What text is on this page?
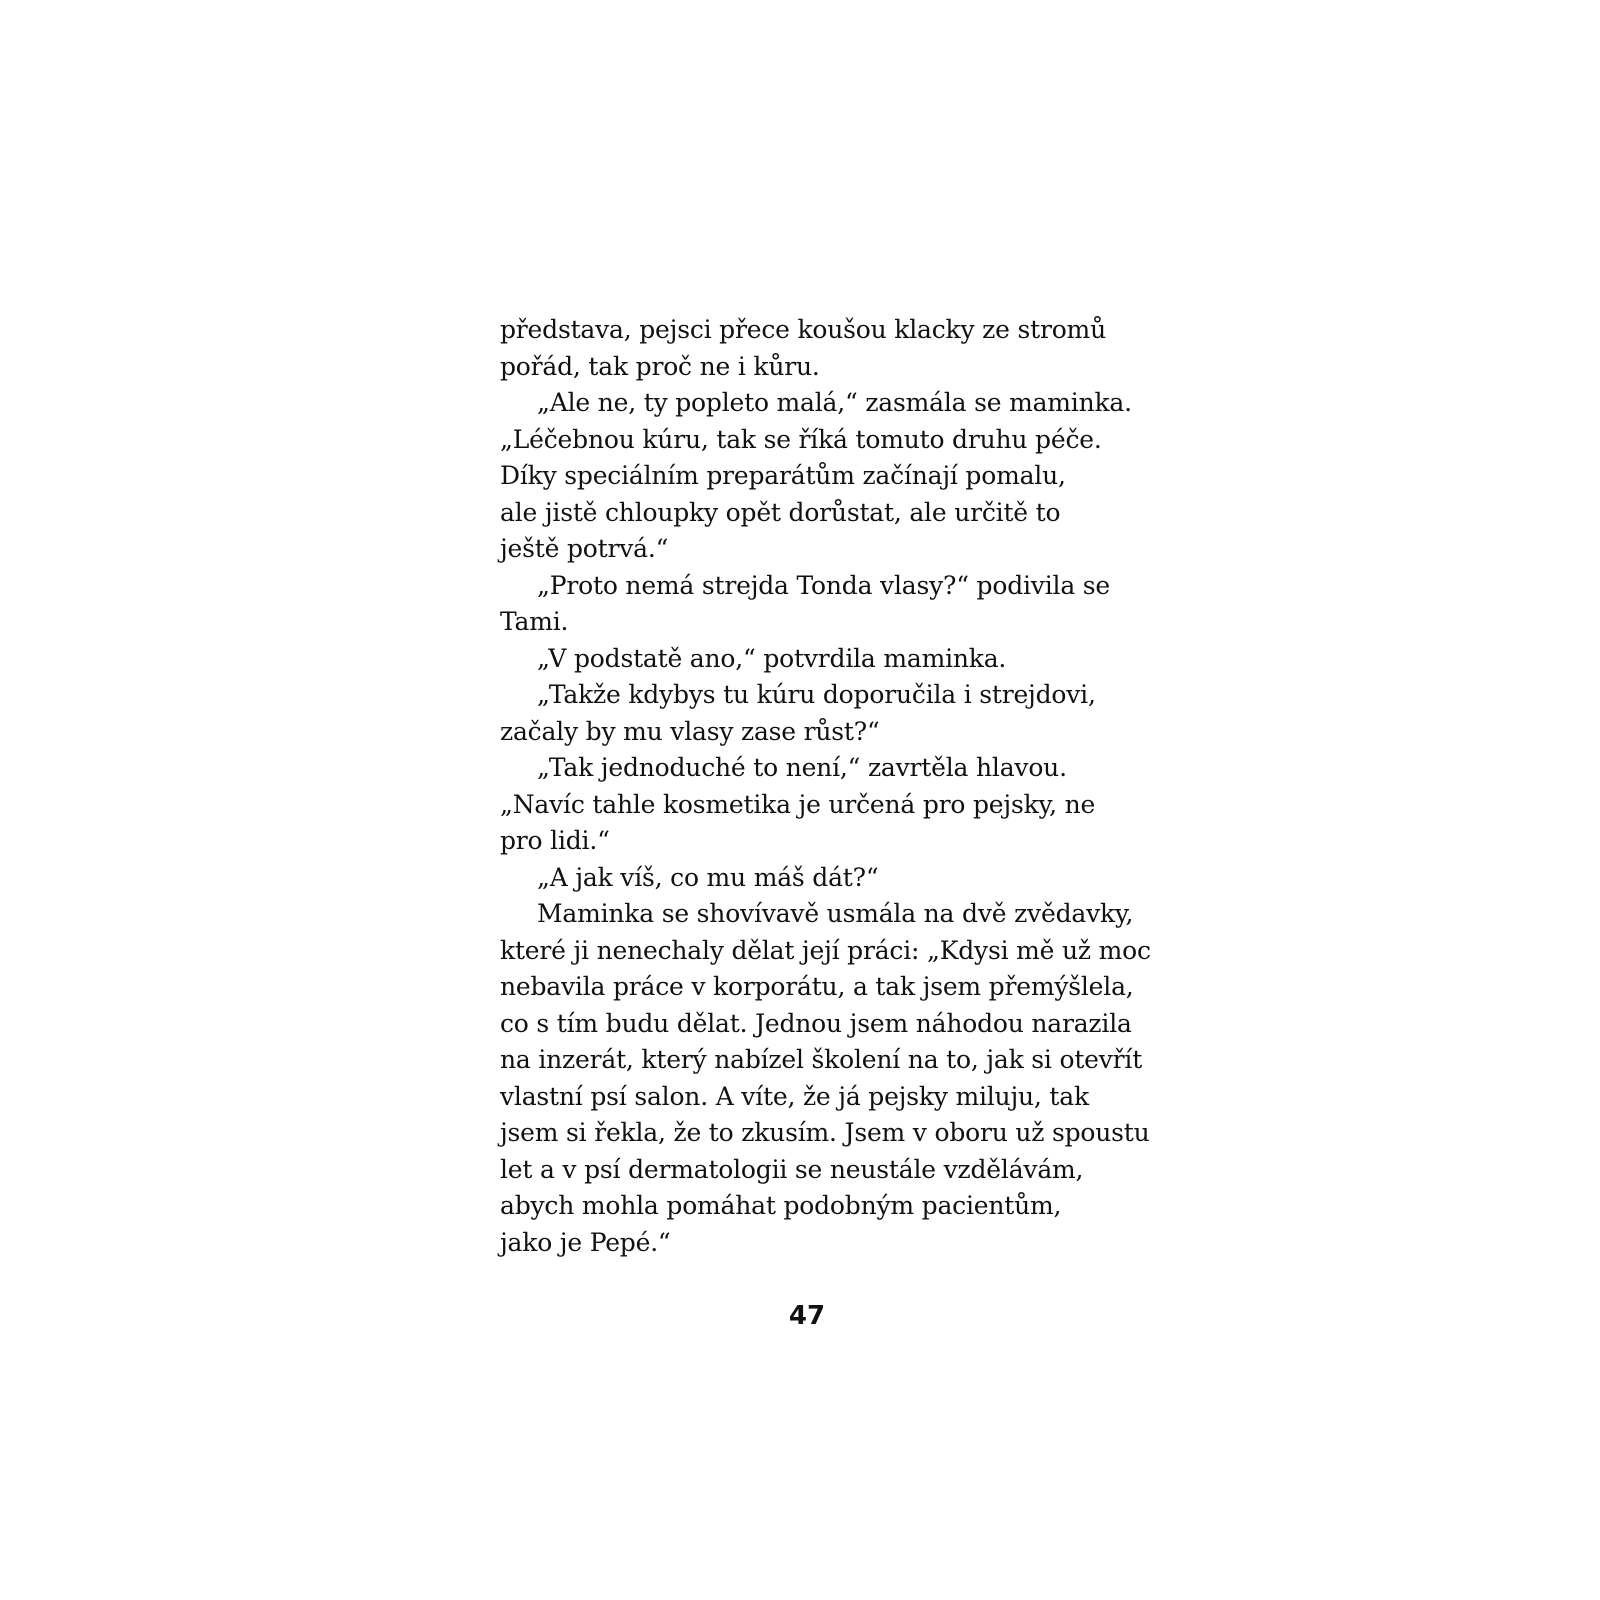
představa, pejsci přece koušou klacky ze stromů
pořád, tak proč ne i kůru.
„Ale ne, ty popleto malá,“ zasmála se maminka.
„Léčebnou kúru, tak se říká tomuto druhu péče.
Díky speciálním preparátům začínají pomalu,
ale jistě chloupky opět dorůstat, ale určitě to
ještě potrvá.“
„Proto nemá strejda Tonda vlasy?“ podivila se
Tami.
„V podstatě ano,“ potvrdila maminka.
„Takže kdybys tu kúru doporučila i strejdovi,
začaly by mu vlasy zase růst?“
„Tak jednoduché to není,“ zavrtěla hlavou.
„Navíc tahle kosmetika je určená pro pejsky, ne
pro lidi.“
„A jak víš, co mu máš dát?“
Maminka se shovívavě usmála na dvě zvědavky,
které ji nenechaly dělat její práci: „Kdysi mě už moc
nebavila práce v korporátu, a tak jsem přemýšlela,
co s tím budu dělat. Jednou jsem náhodou narazila
na inzerát, který nabízel školení na to, jak si otevřít
vlastní psí salon. A víte, že já pejsky miluju, tak
jsem si řekla, že to zkusím. Jsem v oboru už spoustu
let a v psí dermatologii se neustále vzdělávám,
abych mohla pomáhat podobným pacientům,
jako je Pepé.“
47
